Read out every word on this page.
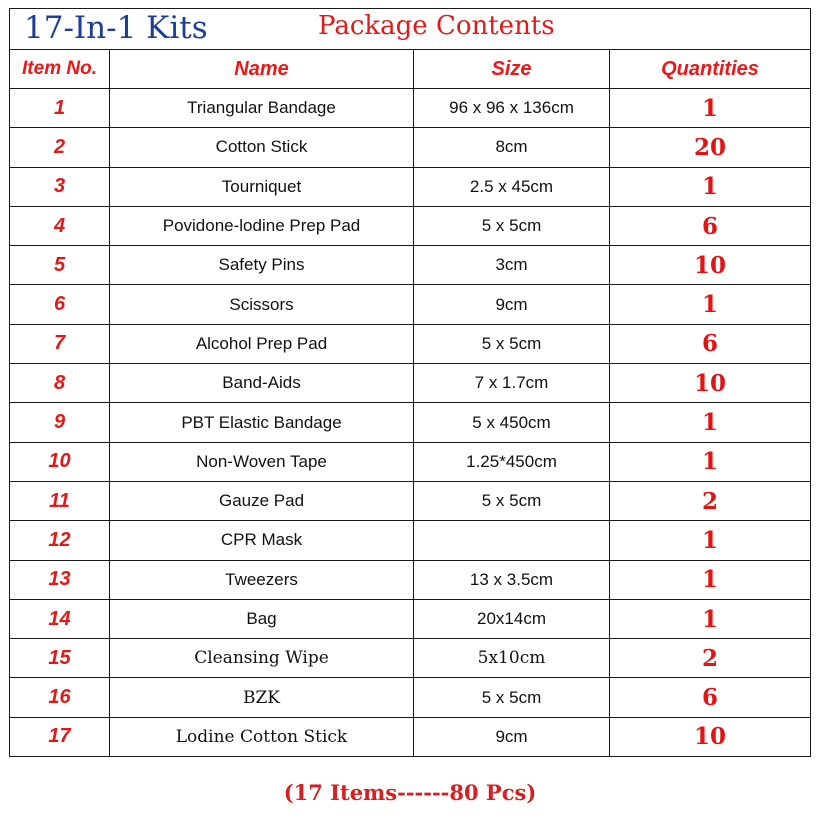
17-In-1 Kits Package Contents			

Item No.	Name	Size	Quantities
1	Triangular Bandage	96 x 96 x 136cm	1
2	Cotton Stick	8cm	20
3	Tourniquet	2.5 x 45cm	1
4	Povidone-lodine Prep Pad	5 x 5cm	6
5	Safety Pins	3cm	10
6	Scissors	9cm	1
7	Alcohol Prep Pad	5 x 5cm	6
8	Band-Aids	7 x 1.7cm	10
9	PBT Elastic Bandage	5 x 450cm	1
10	Non-Woven Tape	1.25*450cm	1
11	Gauze Pad	5 x 5cm	2
12	CPR Mask		1
13	Tweezers	13 x 3.5cm	1
14	Bag	20x14cm	1
15	Cleansing Wipe	5x10cm	2
16	BZK	5 x 5cm	6
17	Lodine Cotton Stick	9cm	10
(17 Items------80 Pcs)
